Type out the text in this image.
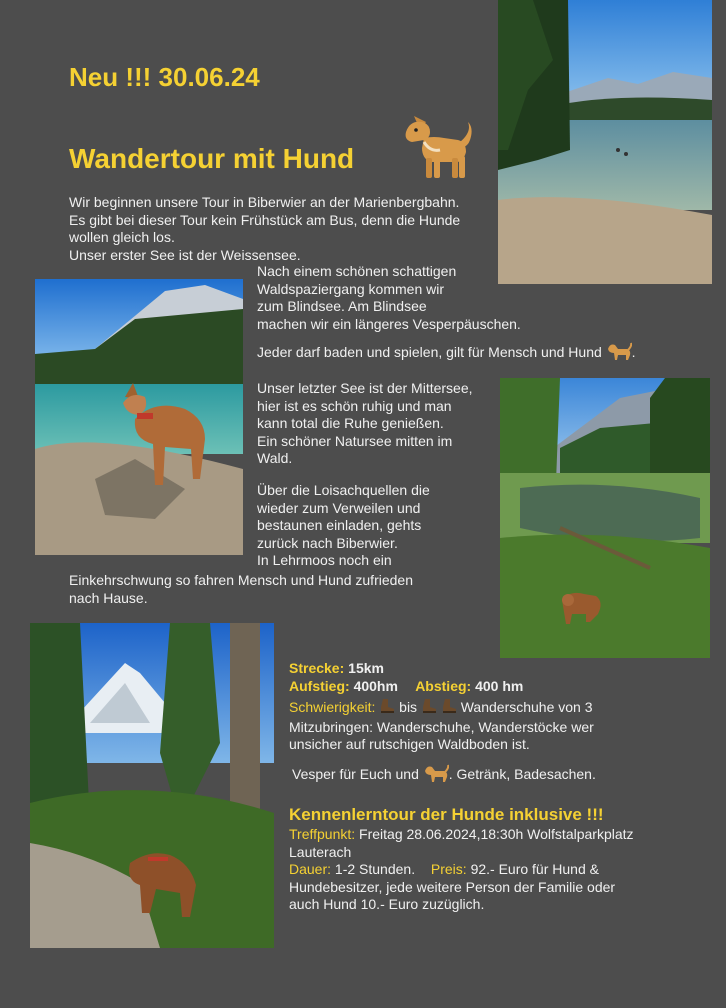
Neu !!! 30.06.24
Wandertour mit Hund
Wir beginnen unsere Tour in Biberwier an der Marienbergbahn.
Es gibt bei dieser Tour kein Frühstück am Bus, denn die Hunde
wollen gleich los.
Unser erster See ist der Weissensee.
Nach einem schönen schattigen
Waldspaziergang kommen wir
zum Blindsee. Am Blindsee
machen wir ein längeres Vesperpäuschen.
Jeder darf baden und spielen, gilt für Mensch und Hund .
Unser letzter See ist der Mittersee,
hier ist es schön ruhig und man
kann total die Ruhe genießen.
Ein schöner Natursee mitten im
Wald.
Über die Loisachquellen die
wieder zum Verweilen und
bestaunen einladen, gehts
zurück nach Biberwier.
In Lehrmoos noch ein
Einkehrschwung so fahren Mensch und Hund zufrieden
nach Hause.
Strecke: 15km
Aufstieg: 400hm Abstieg: 400 hm
Schwierigkeit: bis	Wanderschuhe von 3
Mitzubringen: Wanderschuhe, Wanderstöcke wer
unsicher auf rutschigen Waldboden ist.
Vesper für Euch und . Getränk, Badesachen.
Kennenlerntour der Hunde inklusive !!!
Treffpunkt: Freitag 28.06.2024,18:30h Wolfstalparkplatz
Lauterach
Dauer: 1-2 Stunden. Preis: 92.- Euro für Hund &
Hundebesitzer, jede weitere Person der Familie oder
auch Hund 10.- Euro zuzüglich.
